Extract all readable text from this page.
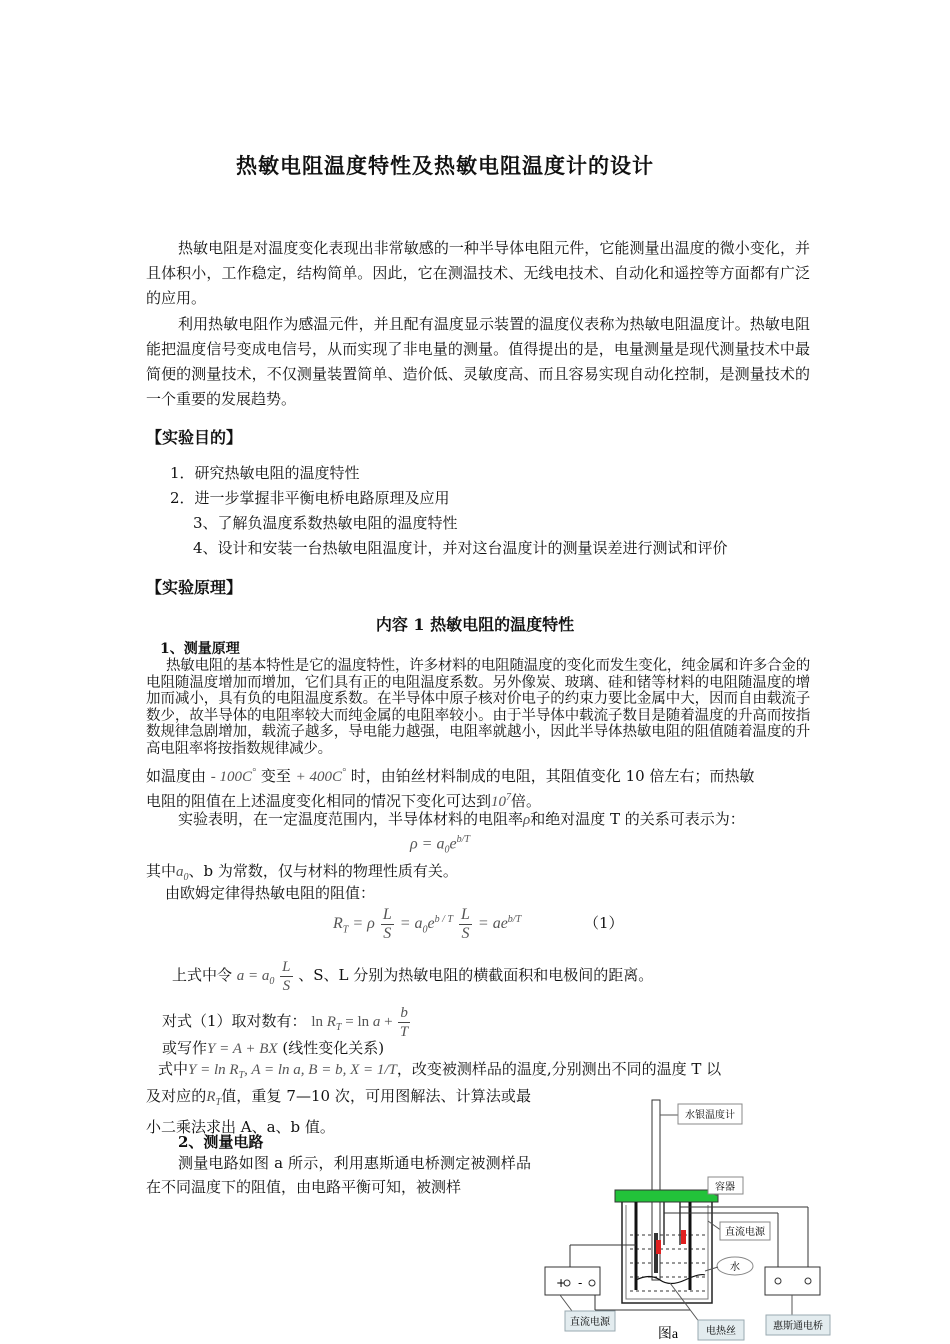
热敏电阻温度特性及热敏电阻温度计的设计
热敏电阻是对温度变化表现出非常敏感的一种半导体电阻元件，它能测量出温度的微小变化，并且体积小，工作稳定，结构简单。因此，它在测温技术、无线电技术、自动化和遥控等方面都有广泛的应用。
利用热敏电阻作为感温元件，并且配有温度显示装置的温度仪表称为热敏电阻温度计。热敏电阻能把温度信号变成电信号，从而实现了非电量的测量。值得提出的是，电量测量是现代测量技术中最简便的测量技术，不仅测量装置简单、造价低、灵敏度高、而且容易实现自动化控制，是测量技术的一个重要的发展趋势。
【实验目的】
1．研究热敏电阻的温度特性
2．进一步掌握非平衡电桥电路原理及应用
3、了解负温度系数热敏电阻的温度特性
4、设计和安装一台热敏电阻温度计，并对这台温度计的测量误差进行测试和评价
【实验原理】
内容 1 热敏电阻的温度特性
1、测量原理
热敏电阻的基本特性是它的温度特性，许多材料的电阻随温度的变化而发生变化，纯金属和许多合金的电阻随温度增加而增加，它们具有正的电阻温度系数。另外像炭、玻璃、硅和锗等材料的电阻随温度的增加而减小，具有负的电阻温度系数。在半导体中原子核对价电子的约束力要比金属中大，因而自由载流子数少，故半导体的电阻率较大而纯金属的电阻率较小。由于半导体中载流子数目是随着温度的升高而按指数规律急剧增加，载流子越多，导电能力越强，电阻率就越小，因此半导体热敏电阻的阻值随着温度的升高电阻率将按指数规律减少。
如温度由 - 100C° 变至 + 400C° 时，由铂丝材料制成的电阻，其阻值变化 10 倍左右；而热敏
电阻的阻值在上述温度变化相同的情况下变化可达到$10^7$倍。
实验表明，在一定温度范围内，半导体材料的电阻率ρ和绝对温度 T 的关系可表示为：
$\rho = a_0e^{b/T}$
其中$a_0$、b 为常数，仅与材料的物理性质有关。
由欧姆定律得热敏电阻的阻值：
$R_T = \rho \frac{L}{S} = a_0e^{b / T} \frac{L}{S} = ae^{b/T}$	（1）
上式中令 $a = a_0 \frac{L}{S}$ 、S、L 分别为热敏电阻的横截面积和电极间的距离。
对式（1）取对数有： $\ln R_T = \ln a + \frac{b}{T}$
或写作Y = A + BX (线性变化关系)
式中$Y = \ln R_T$, A = ln a, B = b, X = 1/T，改变被测样品的温度,分别测出不同的温度 T 以
及对应的$R_T$值，重复 7—10 次，可用图解法、计算法或最小二乘法求出 A、a、b 值。
2、测量电路
测量电路如图 a 所示，利用惠斯通电桥测定被测样品在不同温度下的阻值，由电路平衡可知，被测样
水银温度计
容器
直流电源
水
+ -
直流电源
电热丝	惠斯通电桥
图a
